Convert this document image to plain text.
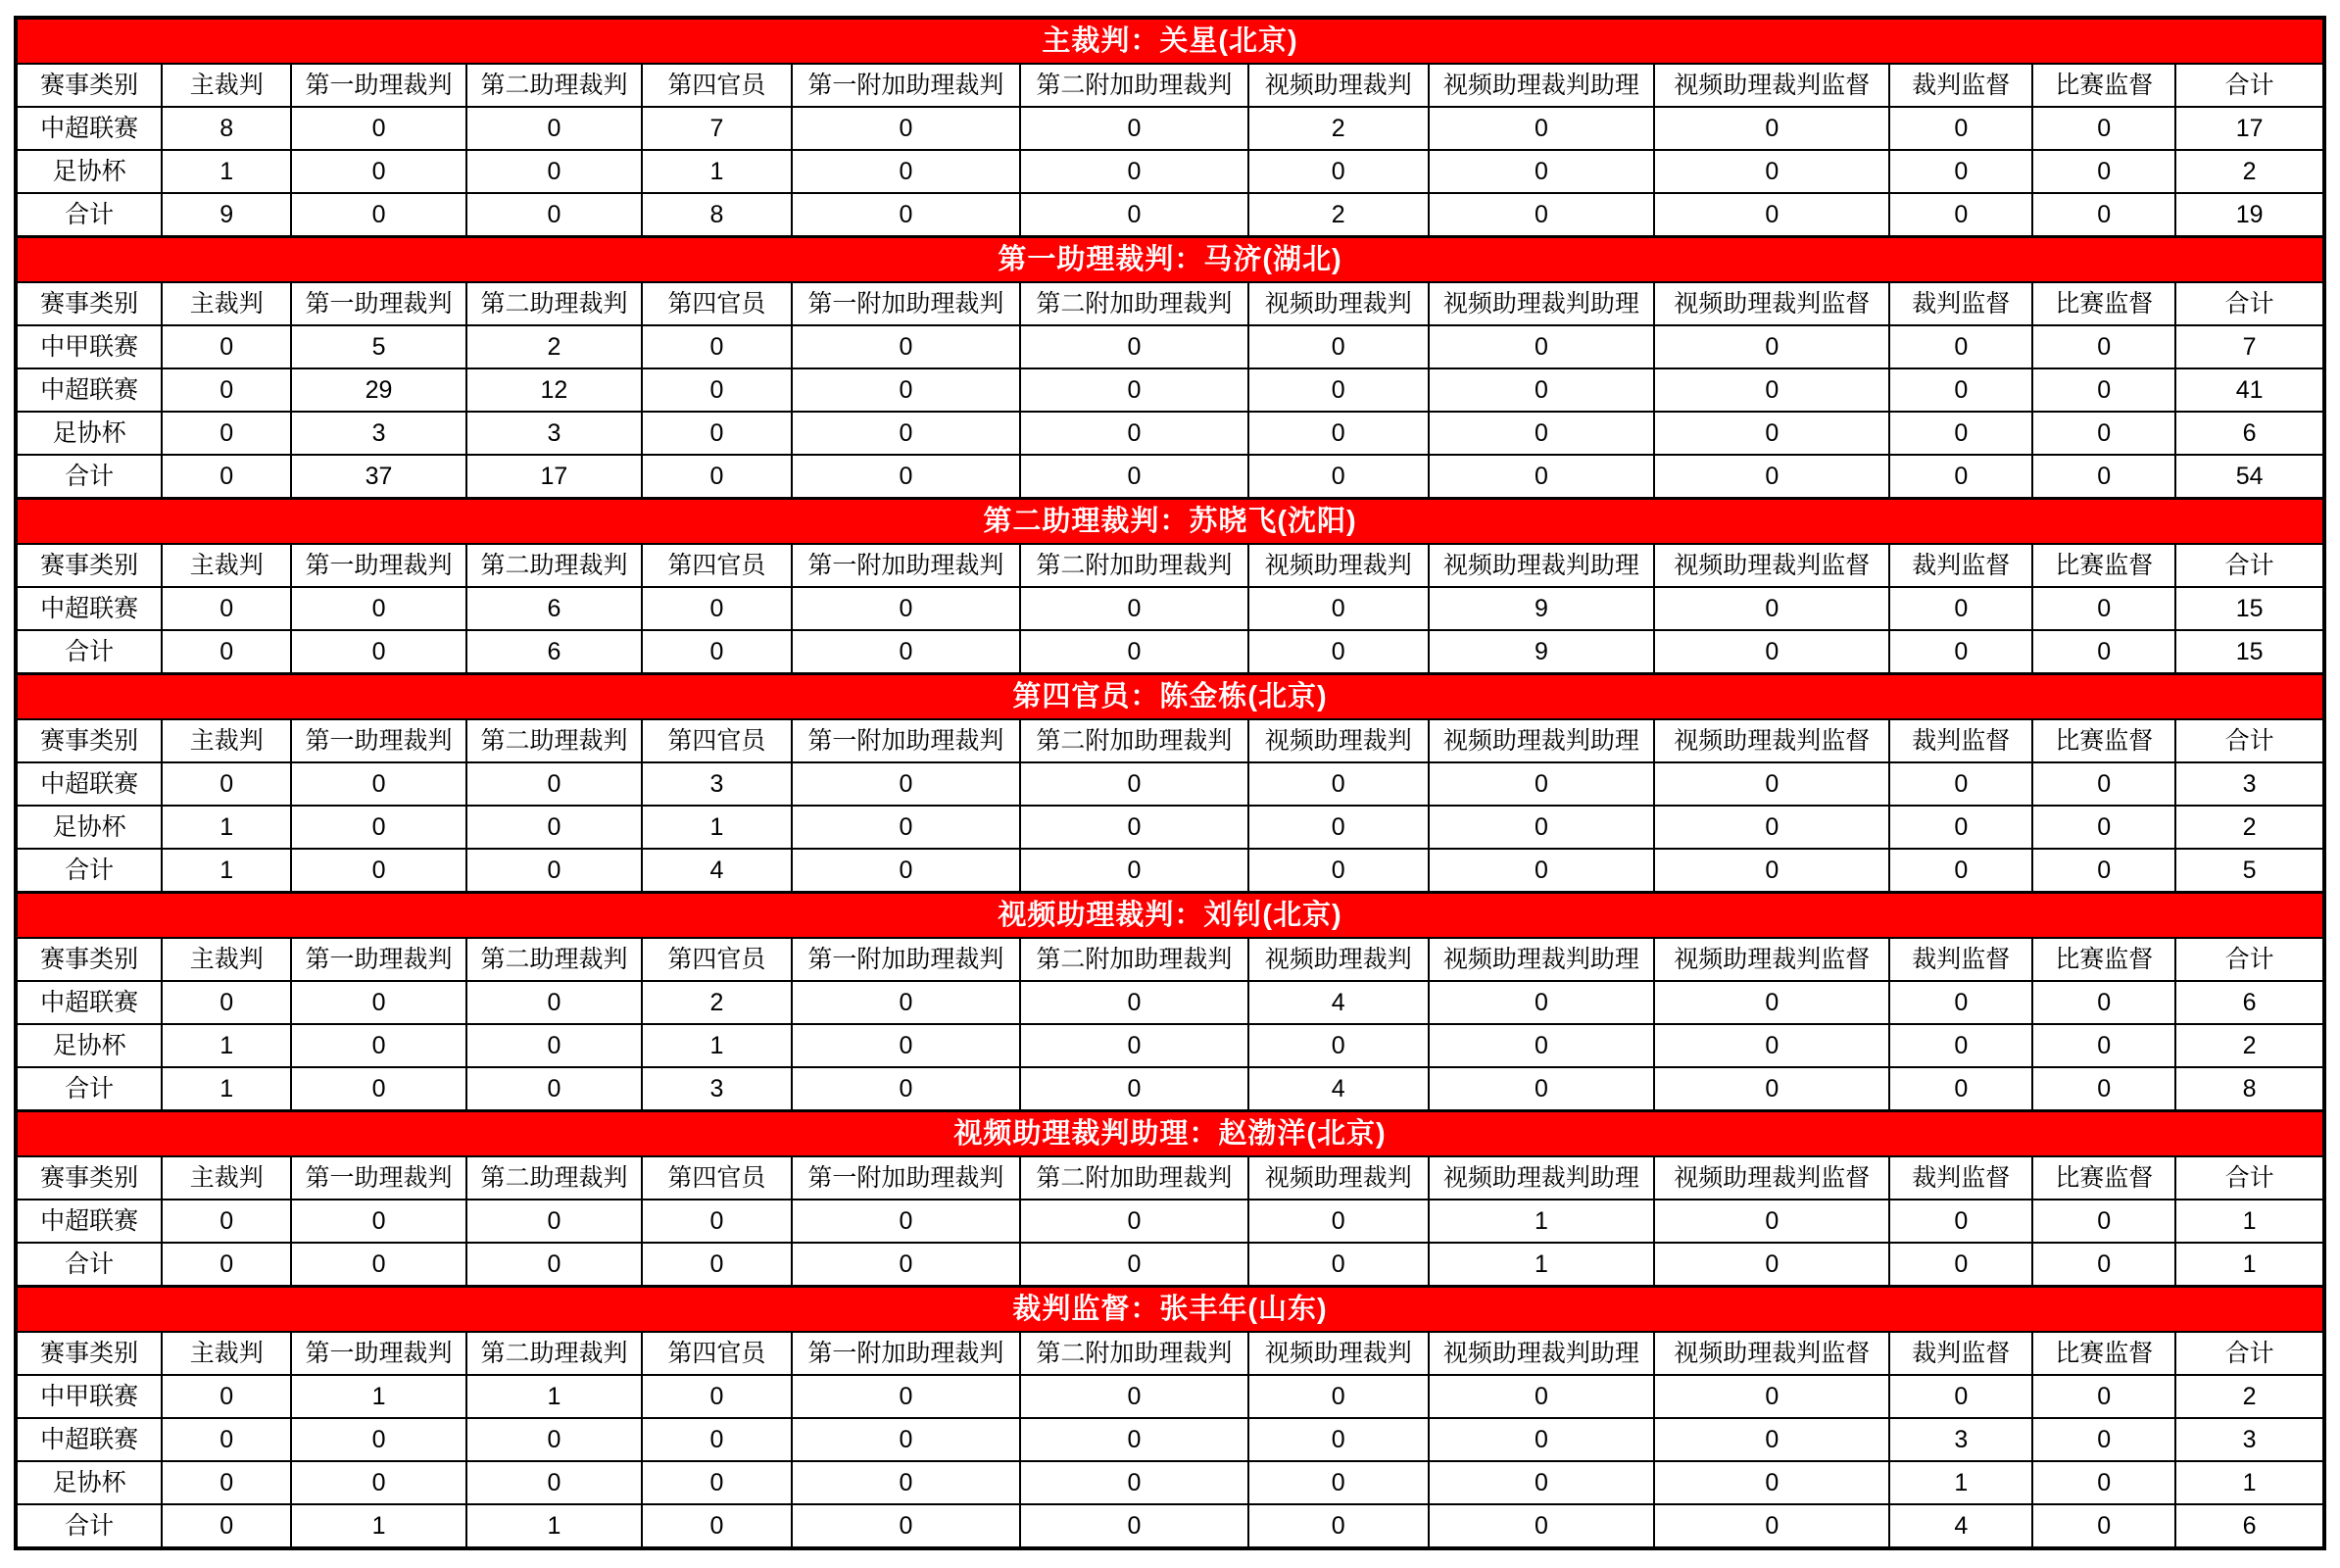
主裁判：关星(北京)												
赛事类别	主裁判	第一助理裁判	第二助理裁判	第四官员	第一附加助理裁判	第二附加助理裁判	视频助理裁判	视频助理裁判助理	视频助理裁判监督	裁判监督	比赛监督	合计
中超联赛	8	0	0	7	0	0	2	0	0	0	0	17
足协杯	1	0	0	1	0	0	0	0	0	0	0	2
合计	9	0	0	8	0	0	2	0	0	0	0	19
第一助理裁判：马济(湖北)												
赛事类别	主裁判	第一助理裁判	第二助理裁判	第四官员	第一附加助理裁判	第二附加助理裁判	视频助理裁判	视频助理裁判助理	视频助理裁判监督	裁判监督	比赛监督	合计
中甲联赛	0	5	2	0	0	0	0	0	0	0	0	7
中超联赛	0	29	12	0	0	0	0	0	0	0	0	41
足协杯	0	3	3	0	0	0	0	0	0	0	0	6
合计	0	37	17	0	0	0	0	0	0	0	0	54
第二助理裁判：苏晓飞(沈阳)												
赛事类别	主裁判	第一助理裁判	第二助理裁判	第四官员	第一附加助理裁判	第二附加助理裁判	视频助理裁判	视频助理裁判助理	视频助理裁判监督	裁判监督	比赛监督	合计
中超联赛	0	0	6	0	0	0	0	9	0	0	0	15
合计	0	0	6	0	0	0	0	9	0	0	0	15
第四官员：陈金栋(北京)												
赛事类别	主裁判	第一助理裁判	第二助理裁判	第四官员	第一附加助理裁判	第二附加助理裁判	视频助理裁判	视频助理裁判助理	视频助理裁判监督	裁判监督	比赛监督	合计
中超联赛	0	0	0	3	0	0	0	0	0	0	0	3
足协杯	1	0	0	1	0	0	0	0	0	0	0	2
合计	1	0	0	4	0	0	0	0	0	0	0	5
视频助理裁判：刘钊(北京)												
赛事类别	主裁判	第一助理裁判	第二助理裁判	第四官员	第一附加助理裁判	第二附加助理裁判	视频助理裁判	视频助理裁判助理	视频助理裁判监督	裁判监督	比赛监督	合计
中超联赛	0	0	0	2	0	0	4	0	0	0	0	6
足协杯	1	0	0	1	0	0	0	0	0	0	0	2
合计	1	0	0	3	0	0	4	0	0	0	0	8
视频助理裁判助理：赵渤洋(北京)												
赛事类别	主裁判	第一助理裁判	第二助理裁判	第四官员	第一附加助理裁判	第二附加助理裁判	视频助理裁判	视频助理裁判助理	视频助理裁判监督	裁判监督	比赛监督	合计
中超联赛	0	0	0	0	0	0	0	1	0	0	0	1
合计	0	0	0	0	0	0	0	1	0	0	0	1
裁判监督：张丰年(山东)												
赛事类别	主裁判	第一助理裁判	第二助理裁判	第四官员	第一附加助理裁判	第二附加助理裁判	视频助理裁判	视频助理裁判助理	视频助理裁判监督	裁判监督	比赛监督	合计
中甲联赛	0	1	1	0	0	0	0	0	0	0	0	2
中超联赛	0	0	0	0	0	0	0	0	0	3	0	3
足协杯	0	0	0	0	0	0	0	0	0	1	0	1
合计	0	1	1	0	0	0	0	0	0	4	0	6
